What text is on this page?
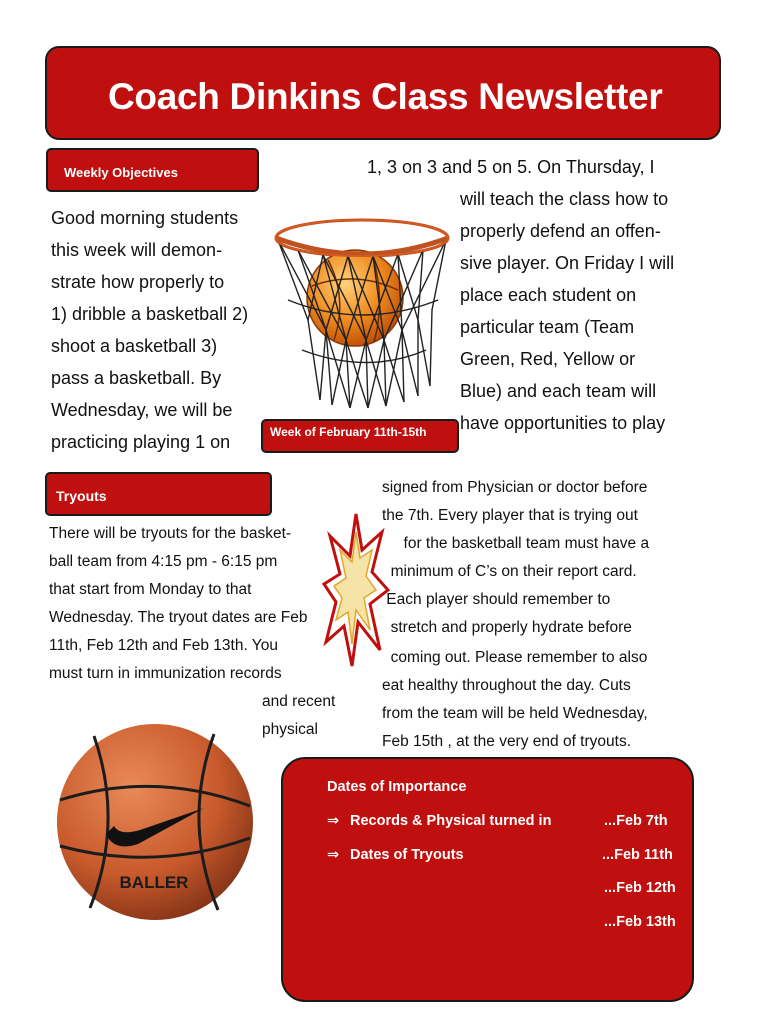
Coach Dinkins Class Newsletter
Weekly Objectives
Good morning students
this week will demon-
strate how properly to
1) dribble a basketball 2)
shoot a basketball 3)
pass a basketball. By
Wednesday, we will be
practicing playing 1 on
1, 3 on 3 and 5 on 5. On Thursday, I
will teach the class how to
properly defend an offen-
sive player. On Friday I will
place each student on
particular team (Team
Green, Red, Yellow or
Blue) and each team will
have opportunities to play
Week of February 11th-15th
Tryouts
There will be tryouts for the basket-
ball team from 4:15 pm - 6:15 pm
that start from Monday to that
Wednesday. The tryout dates are Feb
11th, Feb 12th and Feb 13th. You
must turn in immunization records
and recent
physical
signed from Physician or doctor before
the 7th. Every player that is trying out
for the basketball team must have a
minimum of C’s on their report card.
Each player should remember to
stretch and properly hydrate before
coming out. Please remember to also
eat healthy throughout the day. Cuts
from the team will be held Wednesday,
Feb 15th , at the very end of tryouts.
BALLER
Dates of Importance
⇒ Records & Physical turned in	...Feb 7th
⇒ Dates of Tryouts	...Feb 11th
...Feb 12th
...Feb 13th
